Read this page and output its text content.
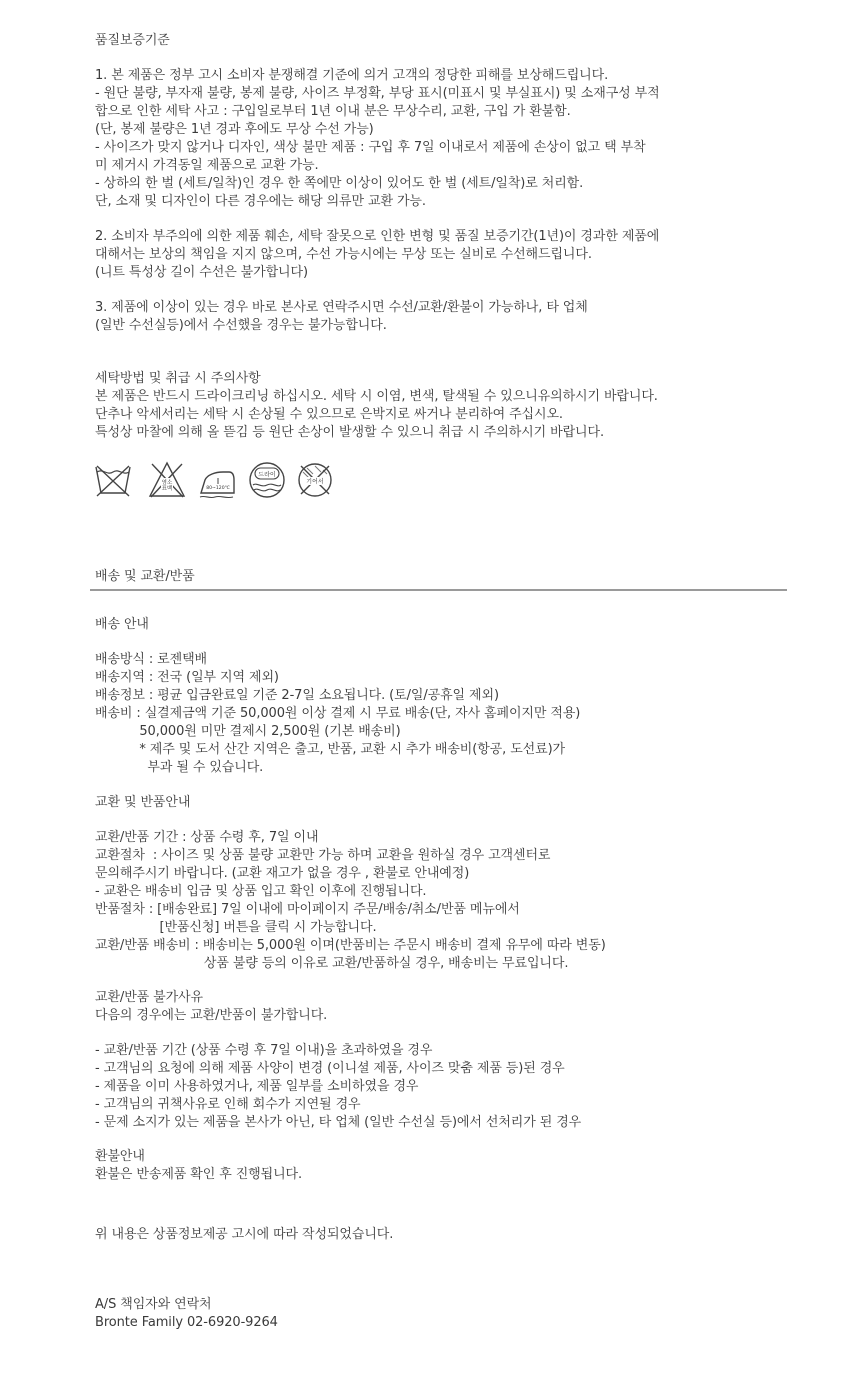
품질보증기준
1. 본 제품은 정부 고시 소비자 분쟁해결 기준에 의거 고객의 정당한 피해를 보상해드립니다.
- 원단 불량, 부자재 불량, 봉제 불량, 사이즈 부정확, 부당 표시(미표시 및 부실표시) 및 소재구성 부적
합으로 인한 세탁 사고 : 구입일로부터 1년 이내 분은 무상수리, 교환, 구입 가 환불함.
(단, 봉제 불량은 1년 경과 후에도 무상 수선 가능)
- 사이즈가 맞지 않거나 디자인, 색상 불만 제품 : 구입 후 7일 이내로서 제품에 손상이 없고 택 부착
미 제거시 가격동일 제품으로 교환 가능.
- 상하의 한 벌 (세트/일착)인 경우 한 쪽에만 이상이 있어도 한 벌 (세트/일착)로 처리함.
단, 소재 및 디자인이 다른 경우에는 해당 의류만 교환 가능.
2. 소비자 부주의에 의한 제품 훼손, 세탁 잘못으로 인한 변형 및 품질 보증기간(1년)이 경과한 제품에
대해서는 보상의 책임을 지지 않으며, 수선 가능시에는 무상 또는 실비로 수선해드립니다.
(니트 특성상 길이 수선은 불가합니다)
3. 제품에 이상이 있는 경우 바로 본사로 연락주시면 수선/교환/환불이 가능하나, 타 업체
(일반 수선실등)에서 수선했을 경우는 불가능합니다.
세탁방법 및 취급 시 주의사항
본 제품은 반드시 드라이크리닝 하십시오. 세탁 시 이염, 변색, 탈색될 수 있으니유의하시기 바랍니다.
단추나 악세서리는 세탁 시 손상될 수 있으므로 은박지로 싸거나 분리하여 주십시오.
특성상 마찰에 의해 올 뜯김 등 원단 손상이 발생할 수 있으니 취급 시 주의하시기 바랍니다.
염소
표백	80~120℃
드라이
기어서
배송 및 교환/반품
배송 안내
배송방식 : 로젠택배
배송지역 : 전국 (일부 지역 제외)
배송정보 : 평균 입금완료일 기준 2-7일 소요됩니다. (토/일/공휴일 제외)
배송비 : 실결제금액 기준 50,000원 이상 결제 시 무료 배송(단, 자사 홈페이지만 적용)
50,000원 미만 결제시 2,500원 (기본 배송비)
* 제주 및 도서 산간 지역은 출고, 반품, 교환 시 추가 배송비(항공, 도선료)가
부과 될 수 있습니다.
교환 및 반품안내
교환/반품 기간 : 상품 수령 후, 7일 이내
교환절차  : 사이즈 및 상품 불량 교환만 가능 하며 교환을 원하실 경우 고객센터로
문의해주시기 바랍니다. (교환 재고가 없을 경우 , 환불로 안내예정)
- 교환은 배송비 입금 및 상품 입고 확인 이후에 진행됩니다.
반품절차 : [배송완료] 7일 이내에 마이페이지 주문/배송/취소/반품 메뉴에서
[반품신청] 버튼을 클릭 시 가능합니다.
교환/반품 배송비 : 배송비는 5,000원 이며(반품비는 주문시 배송비 결제 유무에 따라 변동)
상품 불량 등의 이유로 교환/반품하실 경우, 배송비는 무료입니다.
교환/반품 불가사유
다음의 경우에는 교환/반품이 불가합니다.
- 교환/반품 기간 (상품 수령 후 7일 이내)을 초과하였을 경우
- 고객님의 요청에 의해 제품 사양이 변경 (이니셜 제품, 사이즈 맞춤 제품 등)된 경우
- 제품을 이미 사용하였거나, 제품 일부를 소비하였을 경우
- 고객님의 귀책사유로 인해 회수가 지연될 경우
- 문제 소지가 있는 제품을 본사가 아닌, 타 업체 (일반 수선실 등)에서 선처리가 된 경우
환불안내
환불은 반송제품 확인 후 진행됩니다.
위 내용은 상품정보제공 고시에 따라 작성되었습니다.
A/S 책임자와 연락처
Bronte Family 02-6920-9264
